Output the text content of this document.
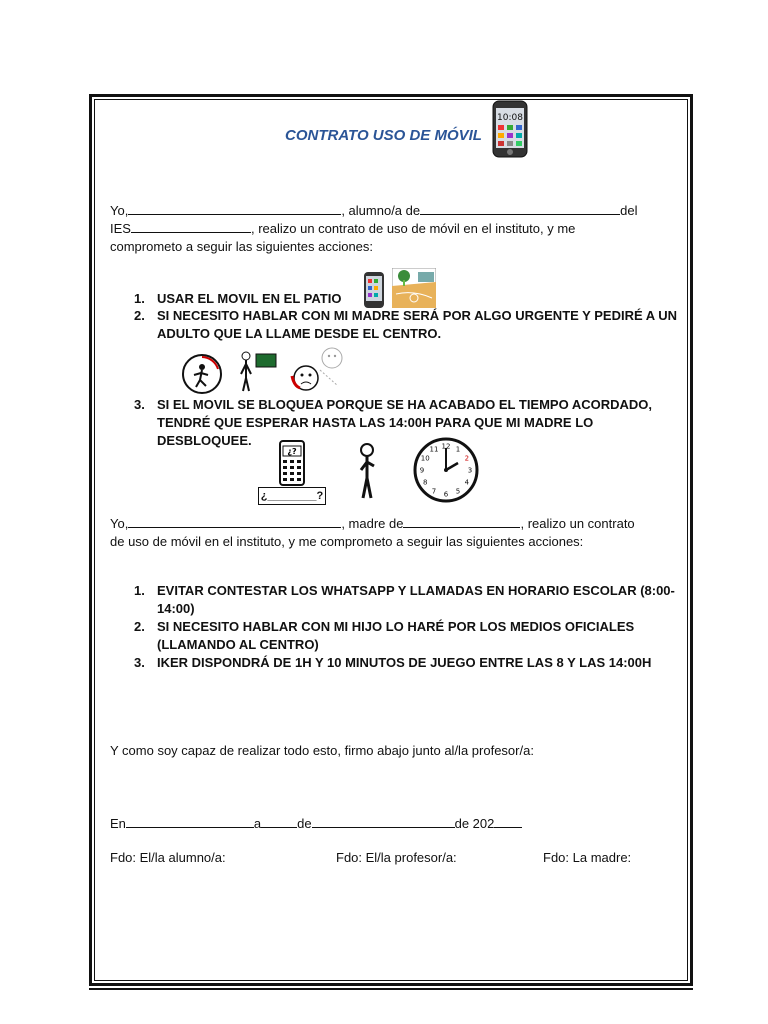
CONTRATO USO DE MÓVIL
10:08
Yo,	, alumno/a de	del
IES	, realizo un contrato de uso de móvil en el instituto, y me
comprometo a seguir las siguientes acciones:
1. USAR EL MOVIL EN EL PATIO
2. SI NECESITO HABLAR CON MI MADRE SERÁ POR ALGO URGENTE Y PEDIRÉ A UN
ADULTO QUE LA LLAME DESDE EL CENTRO.
3. SI EL MOVIL SE BLOQUEA PORQUE SE HA ACABADO EL TIEMPO ACORDADO,
TENDRÉ QUE ESPERAR HASTA LAS 14:00H PARA QUE MI MADRE LO
DESBLOQUEE.
¿?
¿________?
12 1
2
3
4
5
6
7
8
9
10
11
Yo,	, madre de	, realizo un contrato
de uso de móvil en el instituto, y me comprometo a seguir las siguientes acciones:
1. EVITAR CONTESTAR LOS WHATSAPP Y LLAMADAS EN HORARIO ESCOLAR (8:00-
14:00)
2. SI NECESITO HABLAR CON MI HIJO LO HARÉ POR LOS MEDIOS OFICIALES
(LLAMANDO AL CENTRO)
3. IKER DISPONDRÁ DE 1H Y 10 MINUTOS DE JUEGO ENTRE LAS 8 Y LAS 14:00H
Y como soy capaz de realizar todo esto, firmo abajo junto al/la profesor/a:
En	a	de	de 202
Fdo: El/la alumno/a:	Fdo: El/la profesor/a:	Fdo: La madre:
